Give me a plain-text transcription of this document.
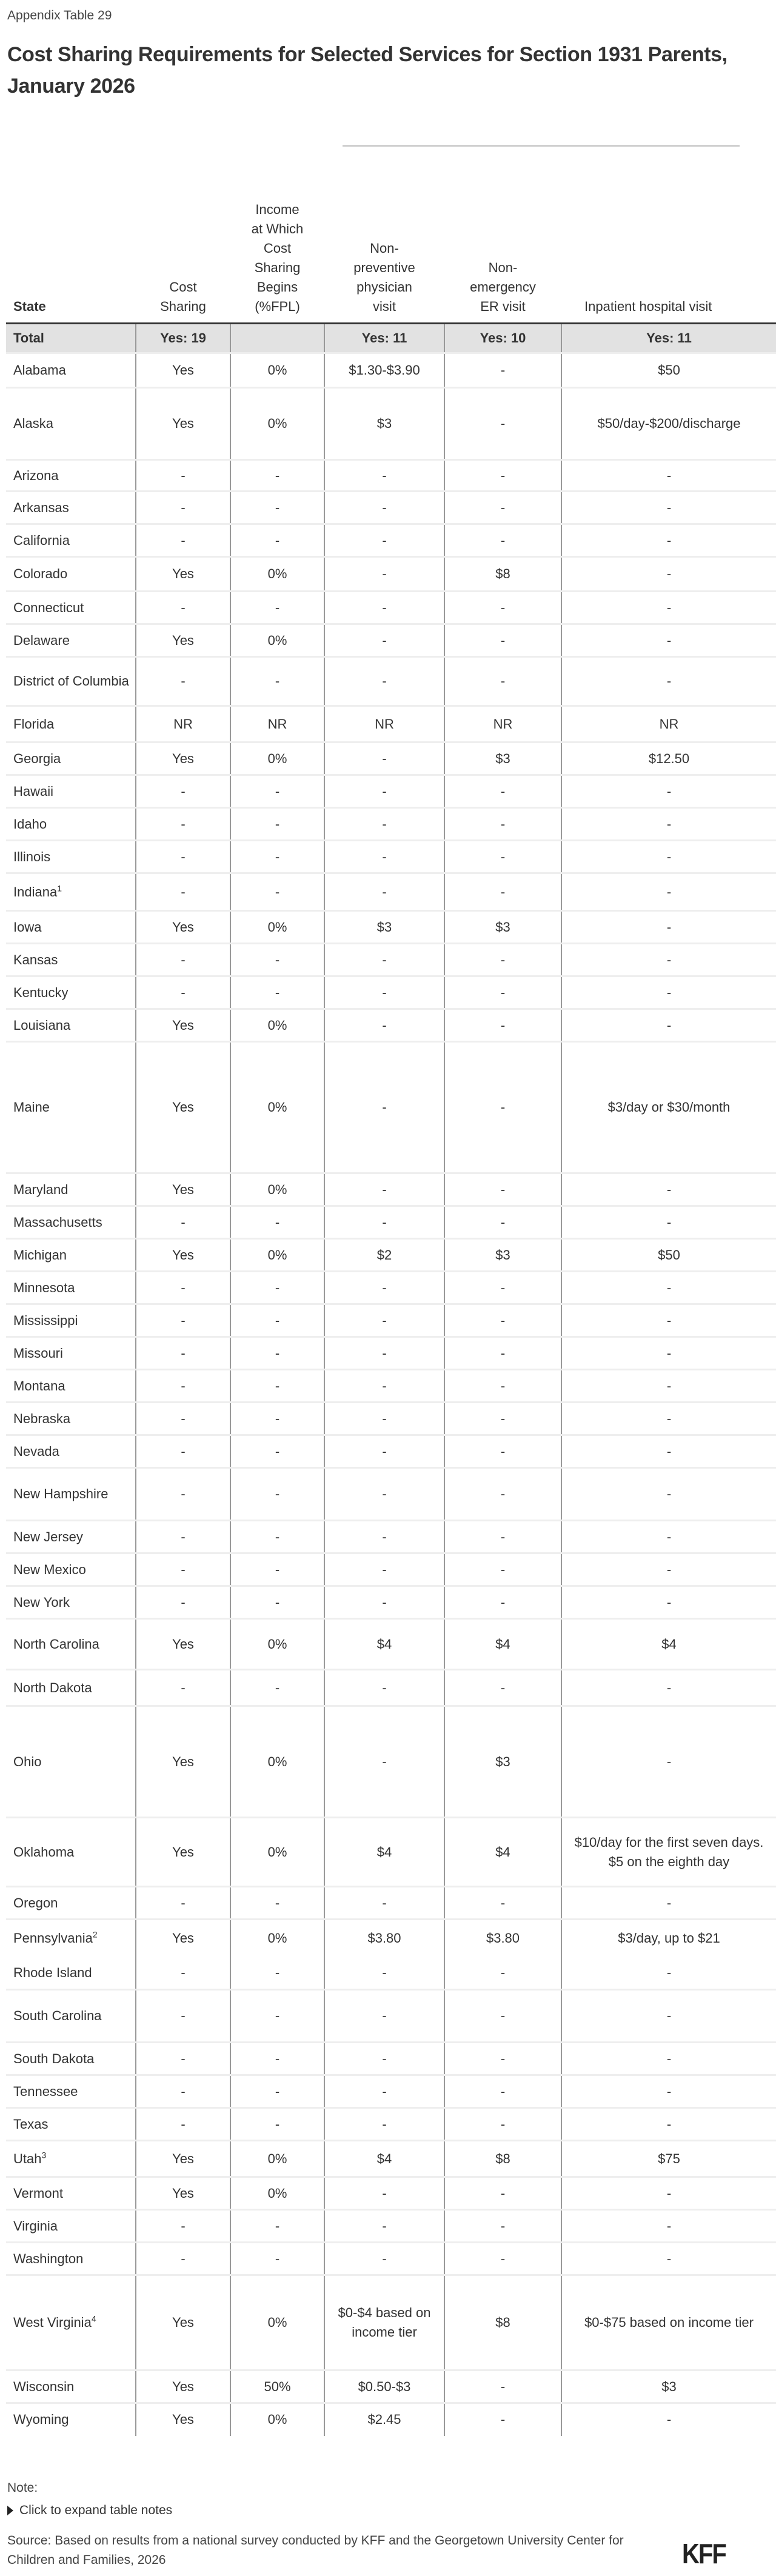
Appendix Table 29
Cost Sharing Requirements for Selected Services for Section 1931 Parents, January 2026
State	Cost Sharing	Income at Which Cost Sharing Begins (%FPL)	Non-preventive physician visit	Non-emergency ER visit	Inpatient hospital visit
Total	Yes: 19		Yes: 11	Yes: 10	Yes: 11
Alabama	Yes	0%	$1.30-$3.90	-	$50
Alaska	Yes	0%	$3	-	$50/day-$200/discharge
Arizona	-	-	-	-	-
Arkansas	-	-	-	-	-
California	-	-	-	-	-
Colorado	Yes	0%	-	$8	-
Connecticut	-	-	-	-	-
Delaware	Yes	0%	-	-	-
District of Columbia	-	-	-	-	-
Florida	NR	NR	NR	NR	NR
Georgia	Yes	0%	-	$3	$12.50
Hawaii	-	-	-	-	-
Idaho	-	-	-	-	-
Illinois	-	-	-	-	-
Indiana$^1$	-	-	-	-	-
Iowa	Yes	0%	$3	$3	-
Kansas	-	-	-	-	-
Kentucky	-	-	-	-	-
Louisiana	Yes	0%	-	-	-
Maine	Yes	0%	-	-	$3/day or $30/month
Maryland	Yes	0%	-	-	-
Massachusetts	-	-	-	-	-
Michigan	Yes	0%	$2	$3	$50
Minnesota	-	-	-	-	-
Mississippi	-	-	-	-	-
Missouri	-	-	-	-	-
Montana	-	-	-	-	-
Nebraska	-	-	-	-	-
Nevada	-	-	-	-	-
New Hampshire	-	-	-	-	-
New Jersey	-	-	-	-	-
New Mexico	-	-	-	-	-
New York	-	-	-	-	-
North Carolina	Yes	0%	$4	$4	$4
North Dakota	-	-	-	-	-
Ohio	Yes	0%	-	$3	-
Oklahoma	Yes	0%	$4	$4	$10/day for the first seven days. $5 on the eighth day
Oregon	-	-	-	-	-
Pennsylvania$^2$	Yes	0%	$3.80	$3.80	$3/day, up to $21
Rhode Island	-	-	-	-	-
South Carolina	-	-	-	-	-
South Dakota	-	-	-	-	-
Tennessee	-	-	-	-	-
Texas	-	-	-	-	-
Utah$^3$	Yes	0%	$4	$8	$75
Vermont	Yes	0%	-	-	-
Virginia	-	-	-	-	-
Washington	-	-	-	-	-
West Virginia$^4$	Yes	0%	$0-$4 based on income tier	$8	$0-$75 based on income tier
Wisconsin	Yes	50%	$0.50-$3	-	$3
Wyoming	Yes	0%	$2.45	-	-
Note:
Click to expand table notes
Source: Based on results from a national survey conducted by KFF and the Georgetown University Center for Children and Families, 2026	KFF
